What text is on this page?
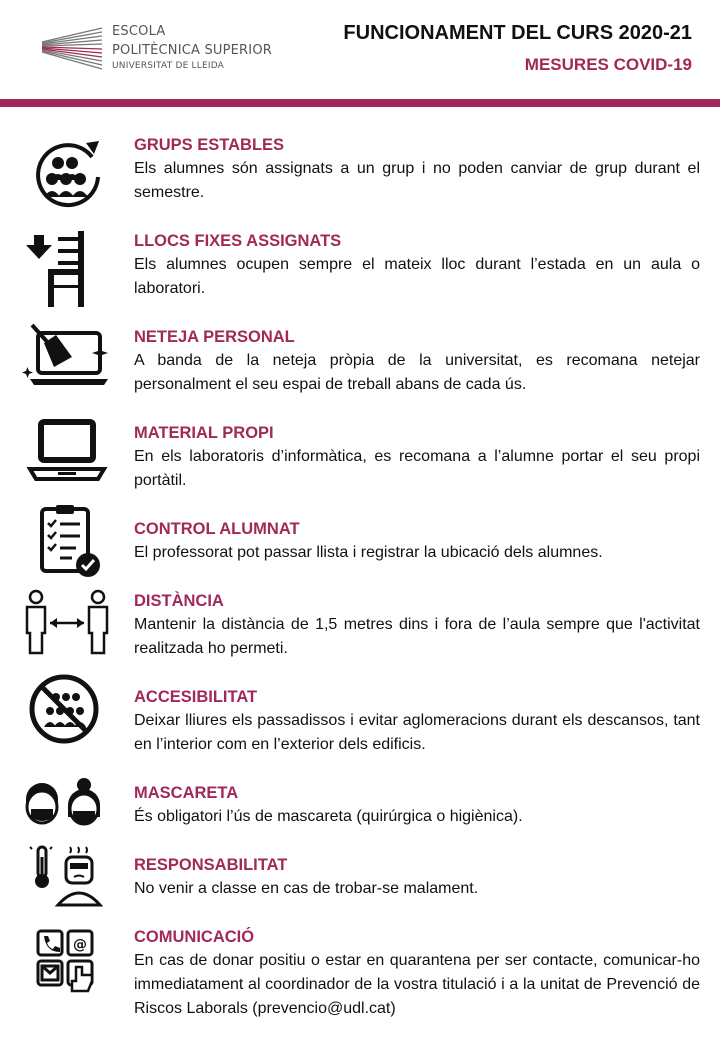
ESCOLA
POLITÈCNICA SUPERIOR
UNIVERSITAT DE LLEIDA
FUNCIONAMENT DEL CURS 2020-21
MESURES COVID-19
GRUPS ESTABLES
Els alumnes són assignats a un grup i no poden canviar de grup durant el semestre.
LLOCS FIXES ASSIGNATS
Els alumnes ocupen sempre el mateix lloc durant l’estada en un aula o laboratori.
NETEJA PERSONAL
A banda de la neteja pròpia de la universitat, es recomana netejar personalment el seu espai de treball abans de cada ús.
MATERIAL PROPI
En els laboratoris d’informàtica, es recomana a l’alumne portar el seu propi portàtil.
CONTROL ALUMNAT
El professorat pot passar llista i registrar la ubicació dels alumnes.
DISTÀNCIA
Mantenir la distància de 1,5 metres dins i fora de l’aula sempre que l'activitat realitzada ho permeti.
ACCESIBILITAT
Deixar lliures els passadissos i evitar aglomeracions durant els descansos, tant en l’interior com en l’exterior dels edificis.
MASCARETA
És obligatori l’ús de mascareta (quirúrgica o higiènica).
RESPONSABILITAT
No venir a classe en cas de trobar-se malament.
@	COMUNICACIÓ
En cas de donar positiu o estar en quarantena per ser contacte, comunicar-ho immediatament al coordinador de la vostra titulació i a la unitat de Prevenció de Riscos Laborals (prevencio@udl.cat)
